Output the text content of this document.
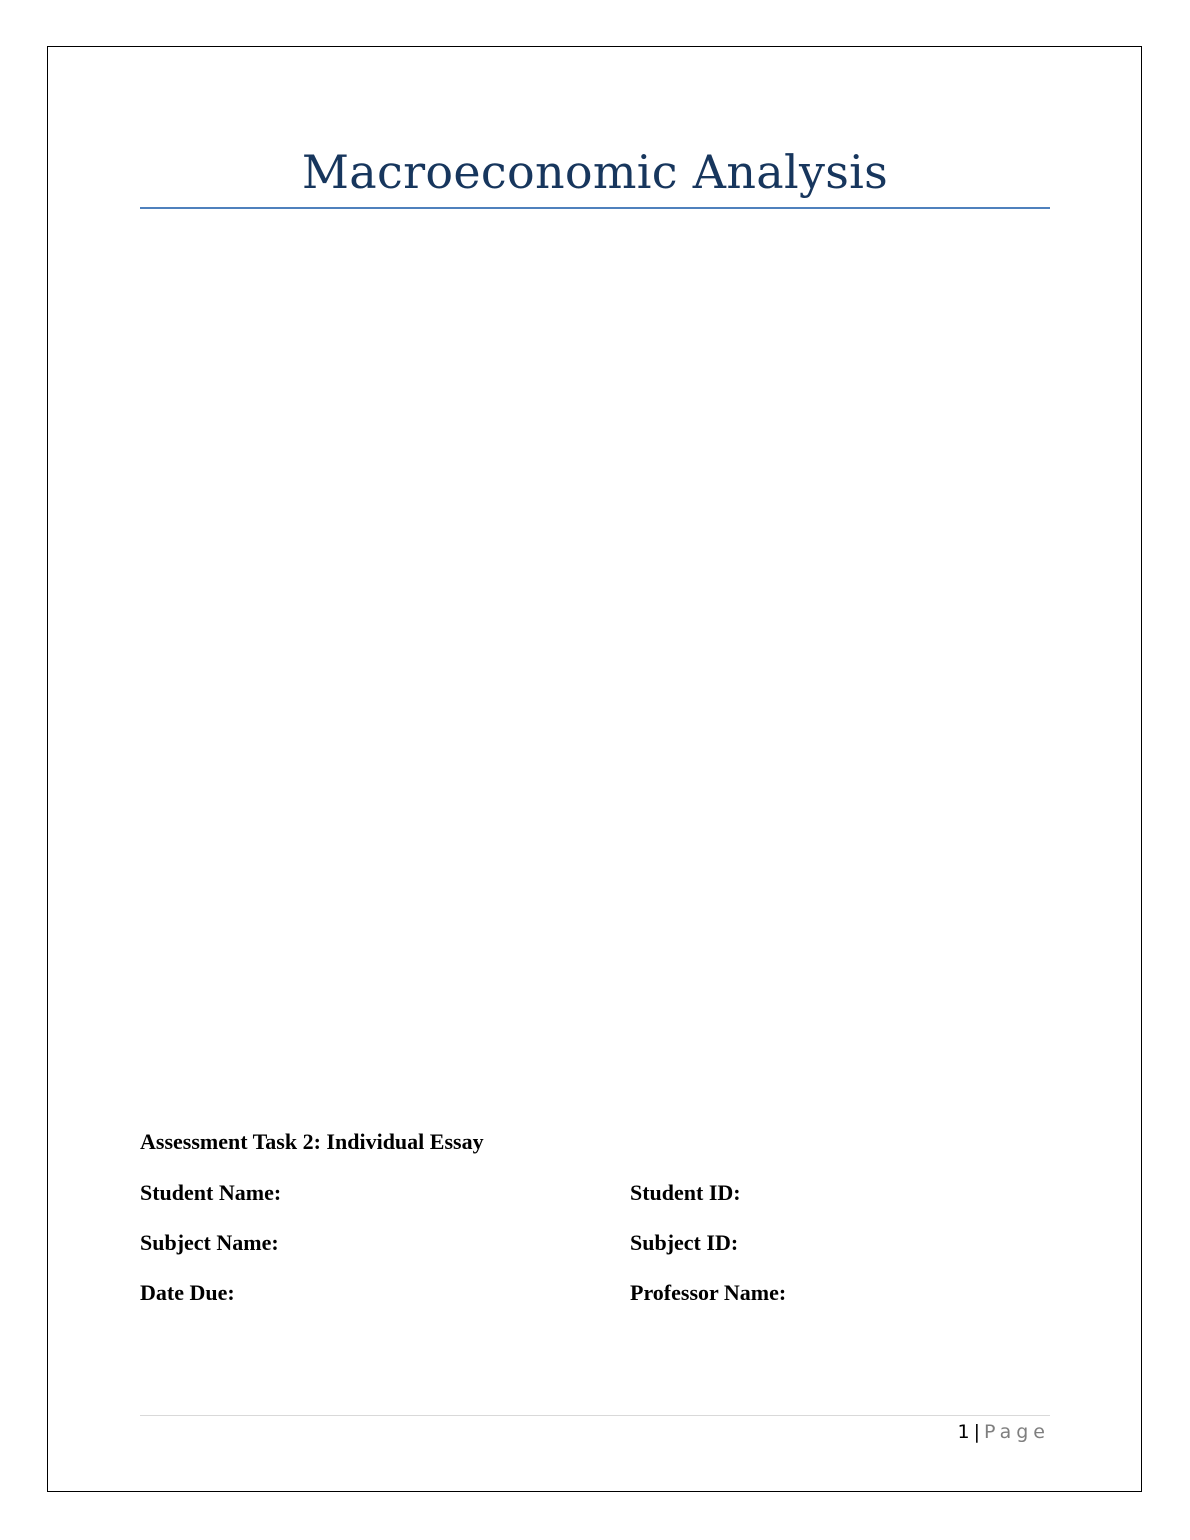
Macroeconomic Analysis
Assessment Task 2: Individual Essay
Student Name:	Student ID:
Subject Name:	Subject ID:
Date Due:	Professor Name:
1 | Page
